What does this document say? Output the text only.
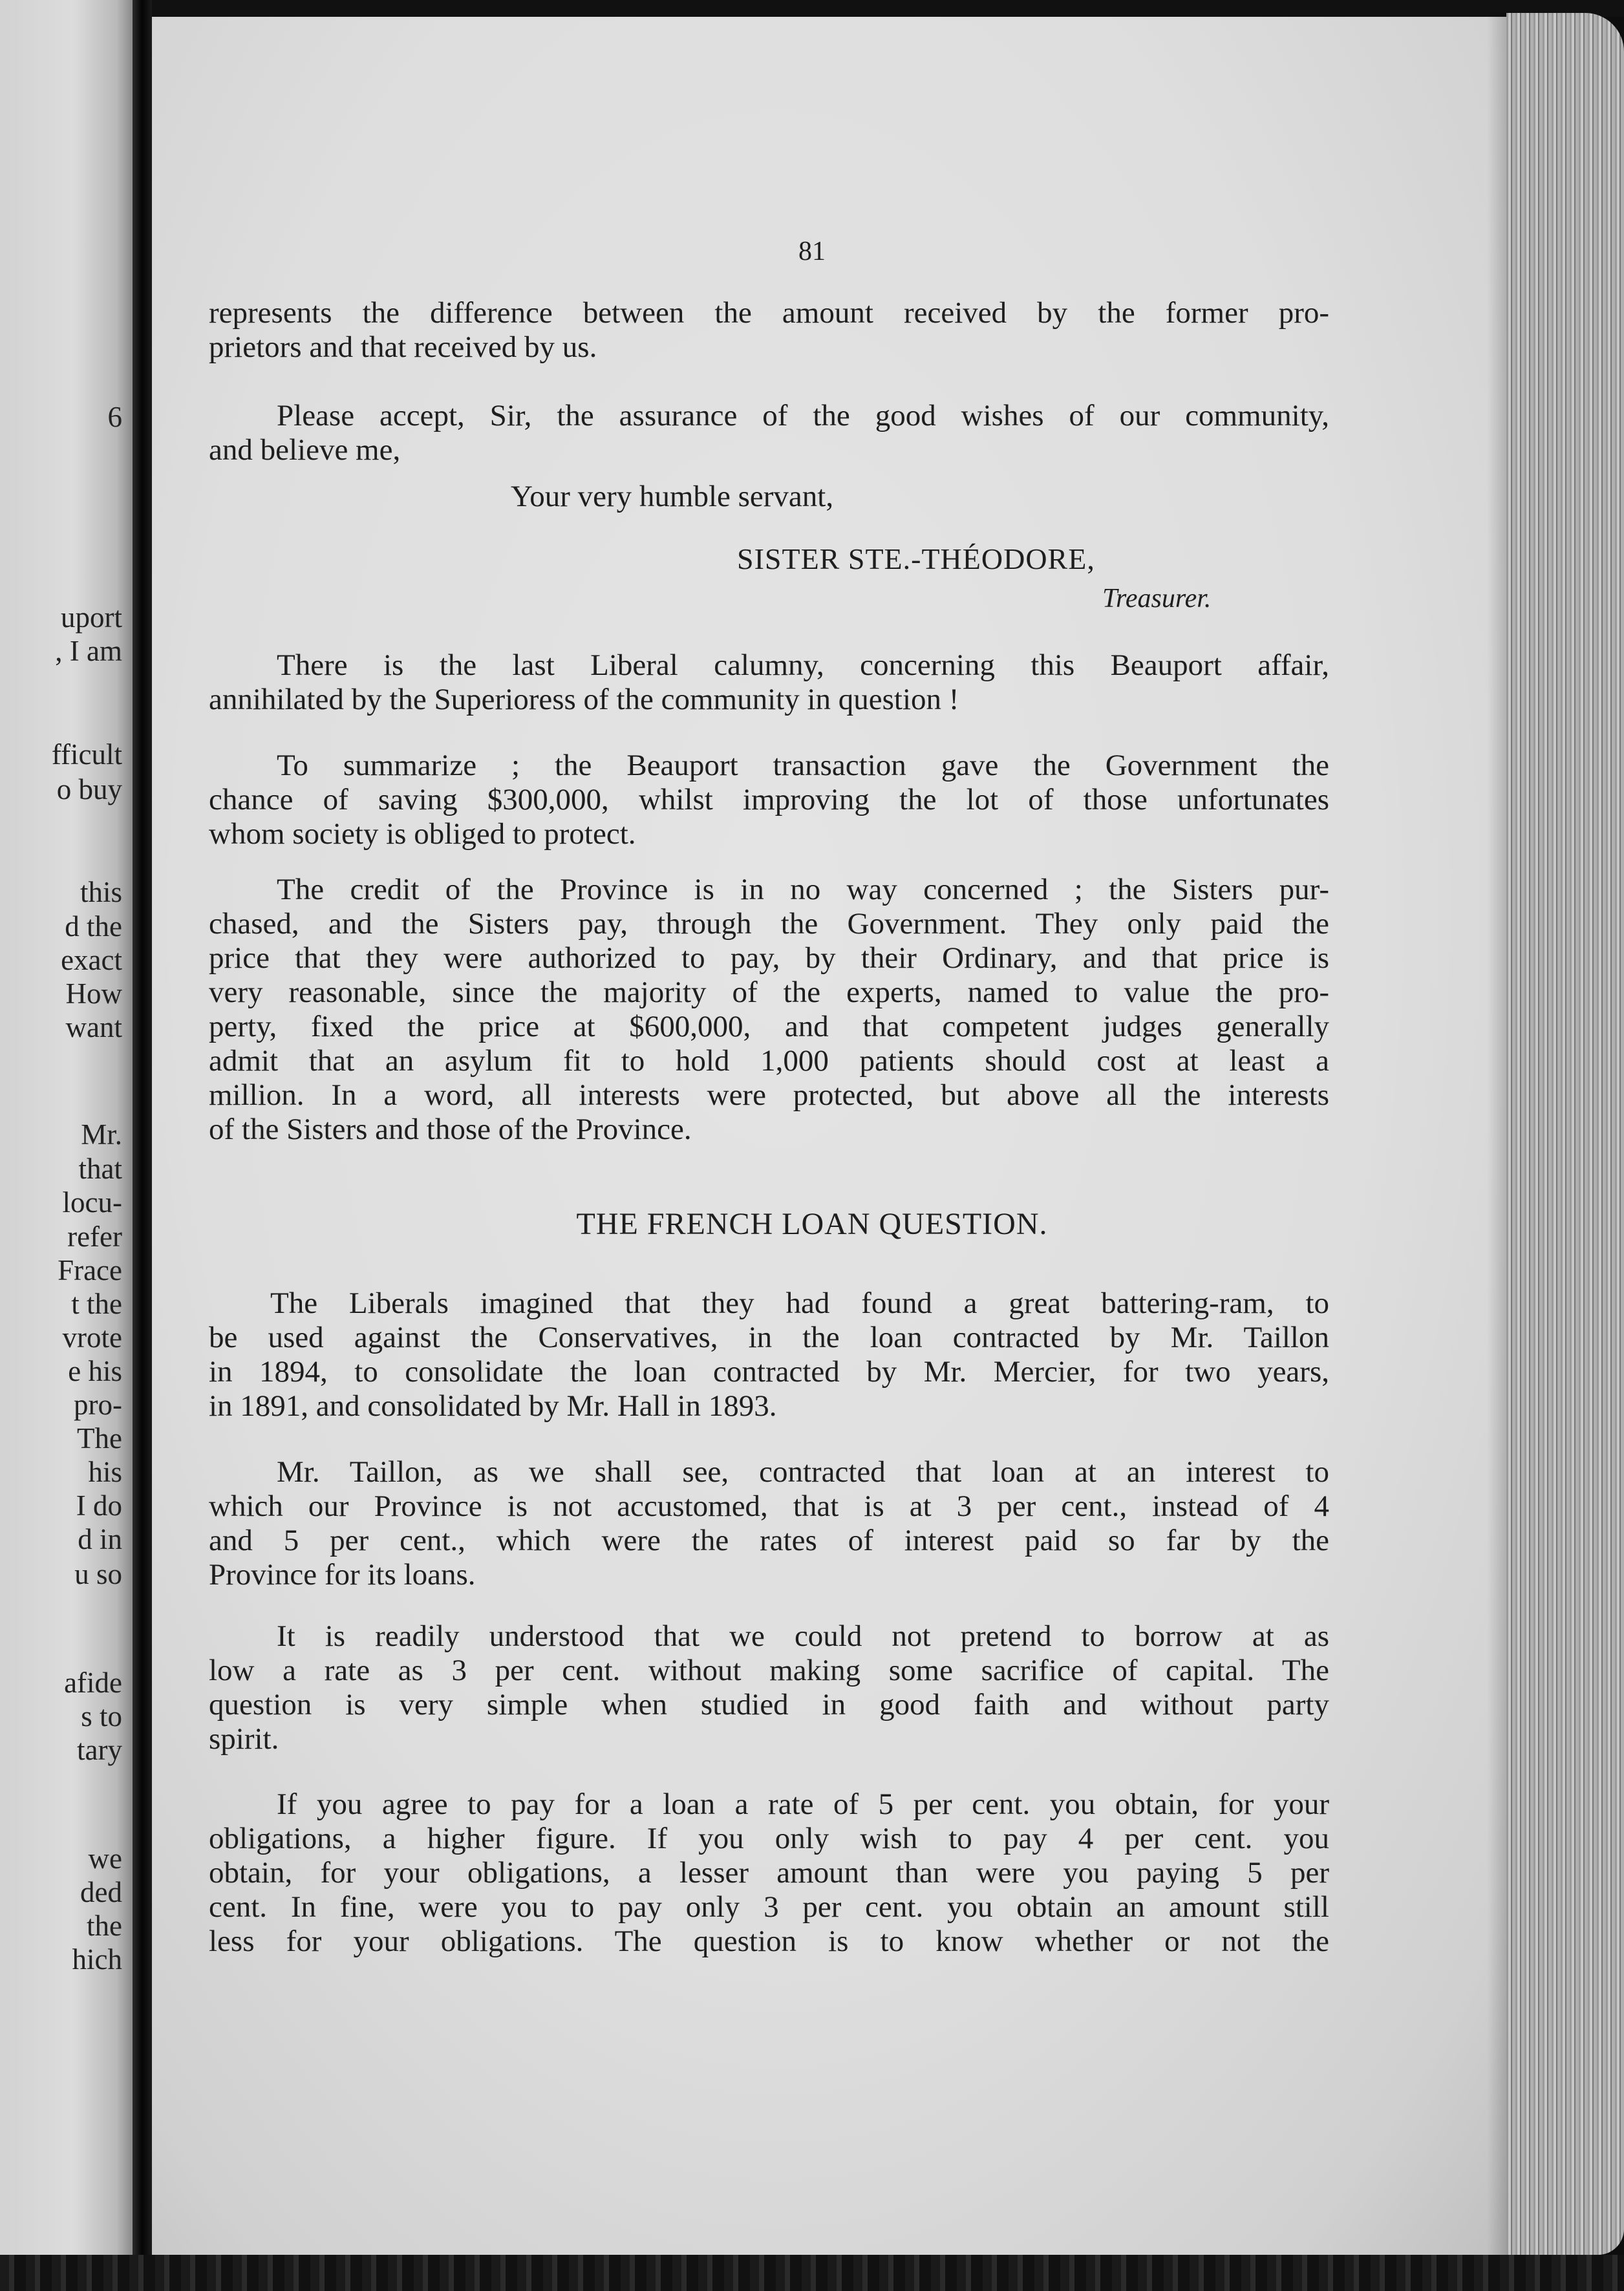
6
uport
, I am
fficult
o buy
this
d the
exact
How
want
Mr.
that
locu-
refer
Frace
t the
vrote
e his
pro-
The
his
I do
d in
u so
afide
s to
tary
we
ded
the
hich
81
represents the difference between the amount received by the former pro-
prietors and that received by us.
Please accept, Sir, the assurance of the good wishes of our community,
and believe me,
Your very humble servant,
SISTER STE.-THÉODORE,
Treasurer.
There is the last Liberal calumny, concerning this Beauport affair,
annihilated by the Superioress of the community in question !
To summarize ; the Beauport transaction gave the Government the
chance of saving $300,000, whilst improving the lot of those unfortunates
whom society is obliged to protect.
The credit of the Province is in no way concerned ; the Sisters pur-
chased, and the Sisters pay, through the Government. They only paid the
price that they were authorized to pay, by their Ordinary, and that price is
very reasonable, since the majority of the experts, named to value the pro-
perty, fixed the price at $600,000, and that competent judges generally
admit that an asylum fit to hold 1,000 patients should cost at least a
million. In a word, all interests were protected, but above all the interests
of the Sisters and those of the Province.
THE FRENCH LOAN QUESTION.
The Liberals imagined that they had found a great battering-ram, to
be used against the Conservatives, in the loan contracted by Mr. Taillon
in 1894, to consolidate the loan contracted by Mr. Mercier, for two years,
in 1891, and consolidated by Mr. Hall in 1893.
Mr. Taillon, as we shall see, contracted that loan at an interest to
which our Province is not accustomed, that is at 3 per cent., instead of 4
and 5 per cent., which were the rates of interest paid so far by the
Province for its loans.
It is readily understood that we could not pretend to borrow at as
low a rate as 3 per cent. without making some sacrifice of capital. The
question is very simple when studied in good faith and without party
spirit.
If you agree to pay for a loan a rate of 5 per cent. you obtain, for your
obligations, a higher figure. If you only wish to pay 4 per cent. you
obtain, for your obligations, a lesser amount than were you paying 5 per
cent. In fine, were you to pay only 3 per cent. you obtain an amount still
less for your obligations. The question is to know whether or not the
